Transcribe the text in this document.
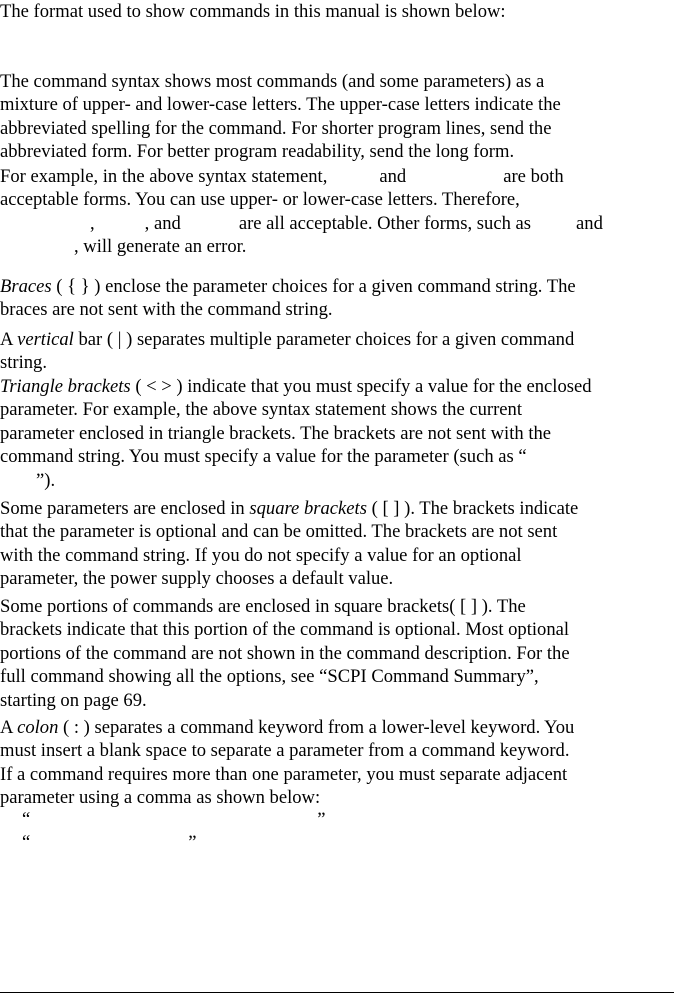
The format used to show commands in this manual is shown below:

The command syntax shows most commands (and some parameters) as a
mixture of upper- and lower-case letters. The upper-case letters indicate the
abbreviated spelling for the command. For shorter program lines, send the
abbreviated form. For better program readability, send the long form.

For example, in the above syntax statement,	and	are both
acceptable forms. You can use upper- or lower-case letters. Therefore,
,	, and	are all acceptable. Other forms, such as and
, will generate an error.

Braces ( { } ) enclose the parameter choices for a given command string. The
braces are not sent with the command string.

A vertical bar ( | ) separates multiple parameter choices for a given command
string.

Triangle brackets ( < > ) indicate that you must specify a value for the enclosed
parameter. For example, the above syntax statement shows the current
parameter enclosed in triangle brackets. The brackets are not sent with the
command string. You must specify a value for the parameter (such as “
”).

Some parameters are enclosed in square brackets ( [ ] ). The brackets indicate
that the parameter is optional and can be omitted. The brackets are not sent
with the command string. If you do not specify a value for an optional
parameter, the power supply chooses a default value.

Some portions of commands are enclosed in square brackets( [ ] ). The
brackets indicate that this portion of the command is optional. Most optional
portions of the command are not shown in the command description. For the
full command showing all the options, see “SCPI Command Summary”,
starting on page 69.

A colon ( : ) separates a command keyword from a lower-level keyword. You
must insert a blank space to separate a parameter from a command keyword.
If a command requires more than one parameter, you must separate adjacent
parameter using a comma as shown below:

“	”
“	”
